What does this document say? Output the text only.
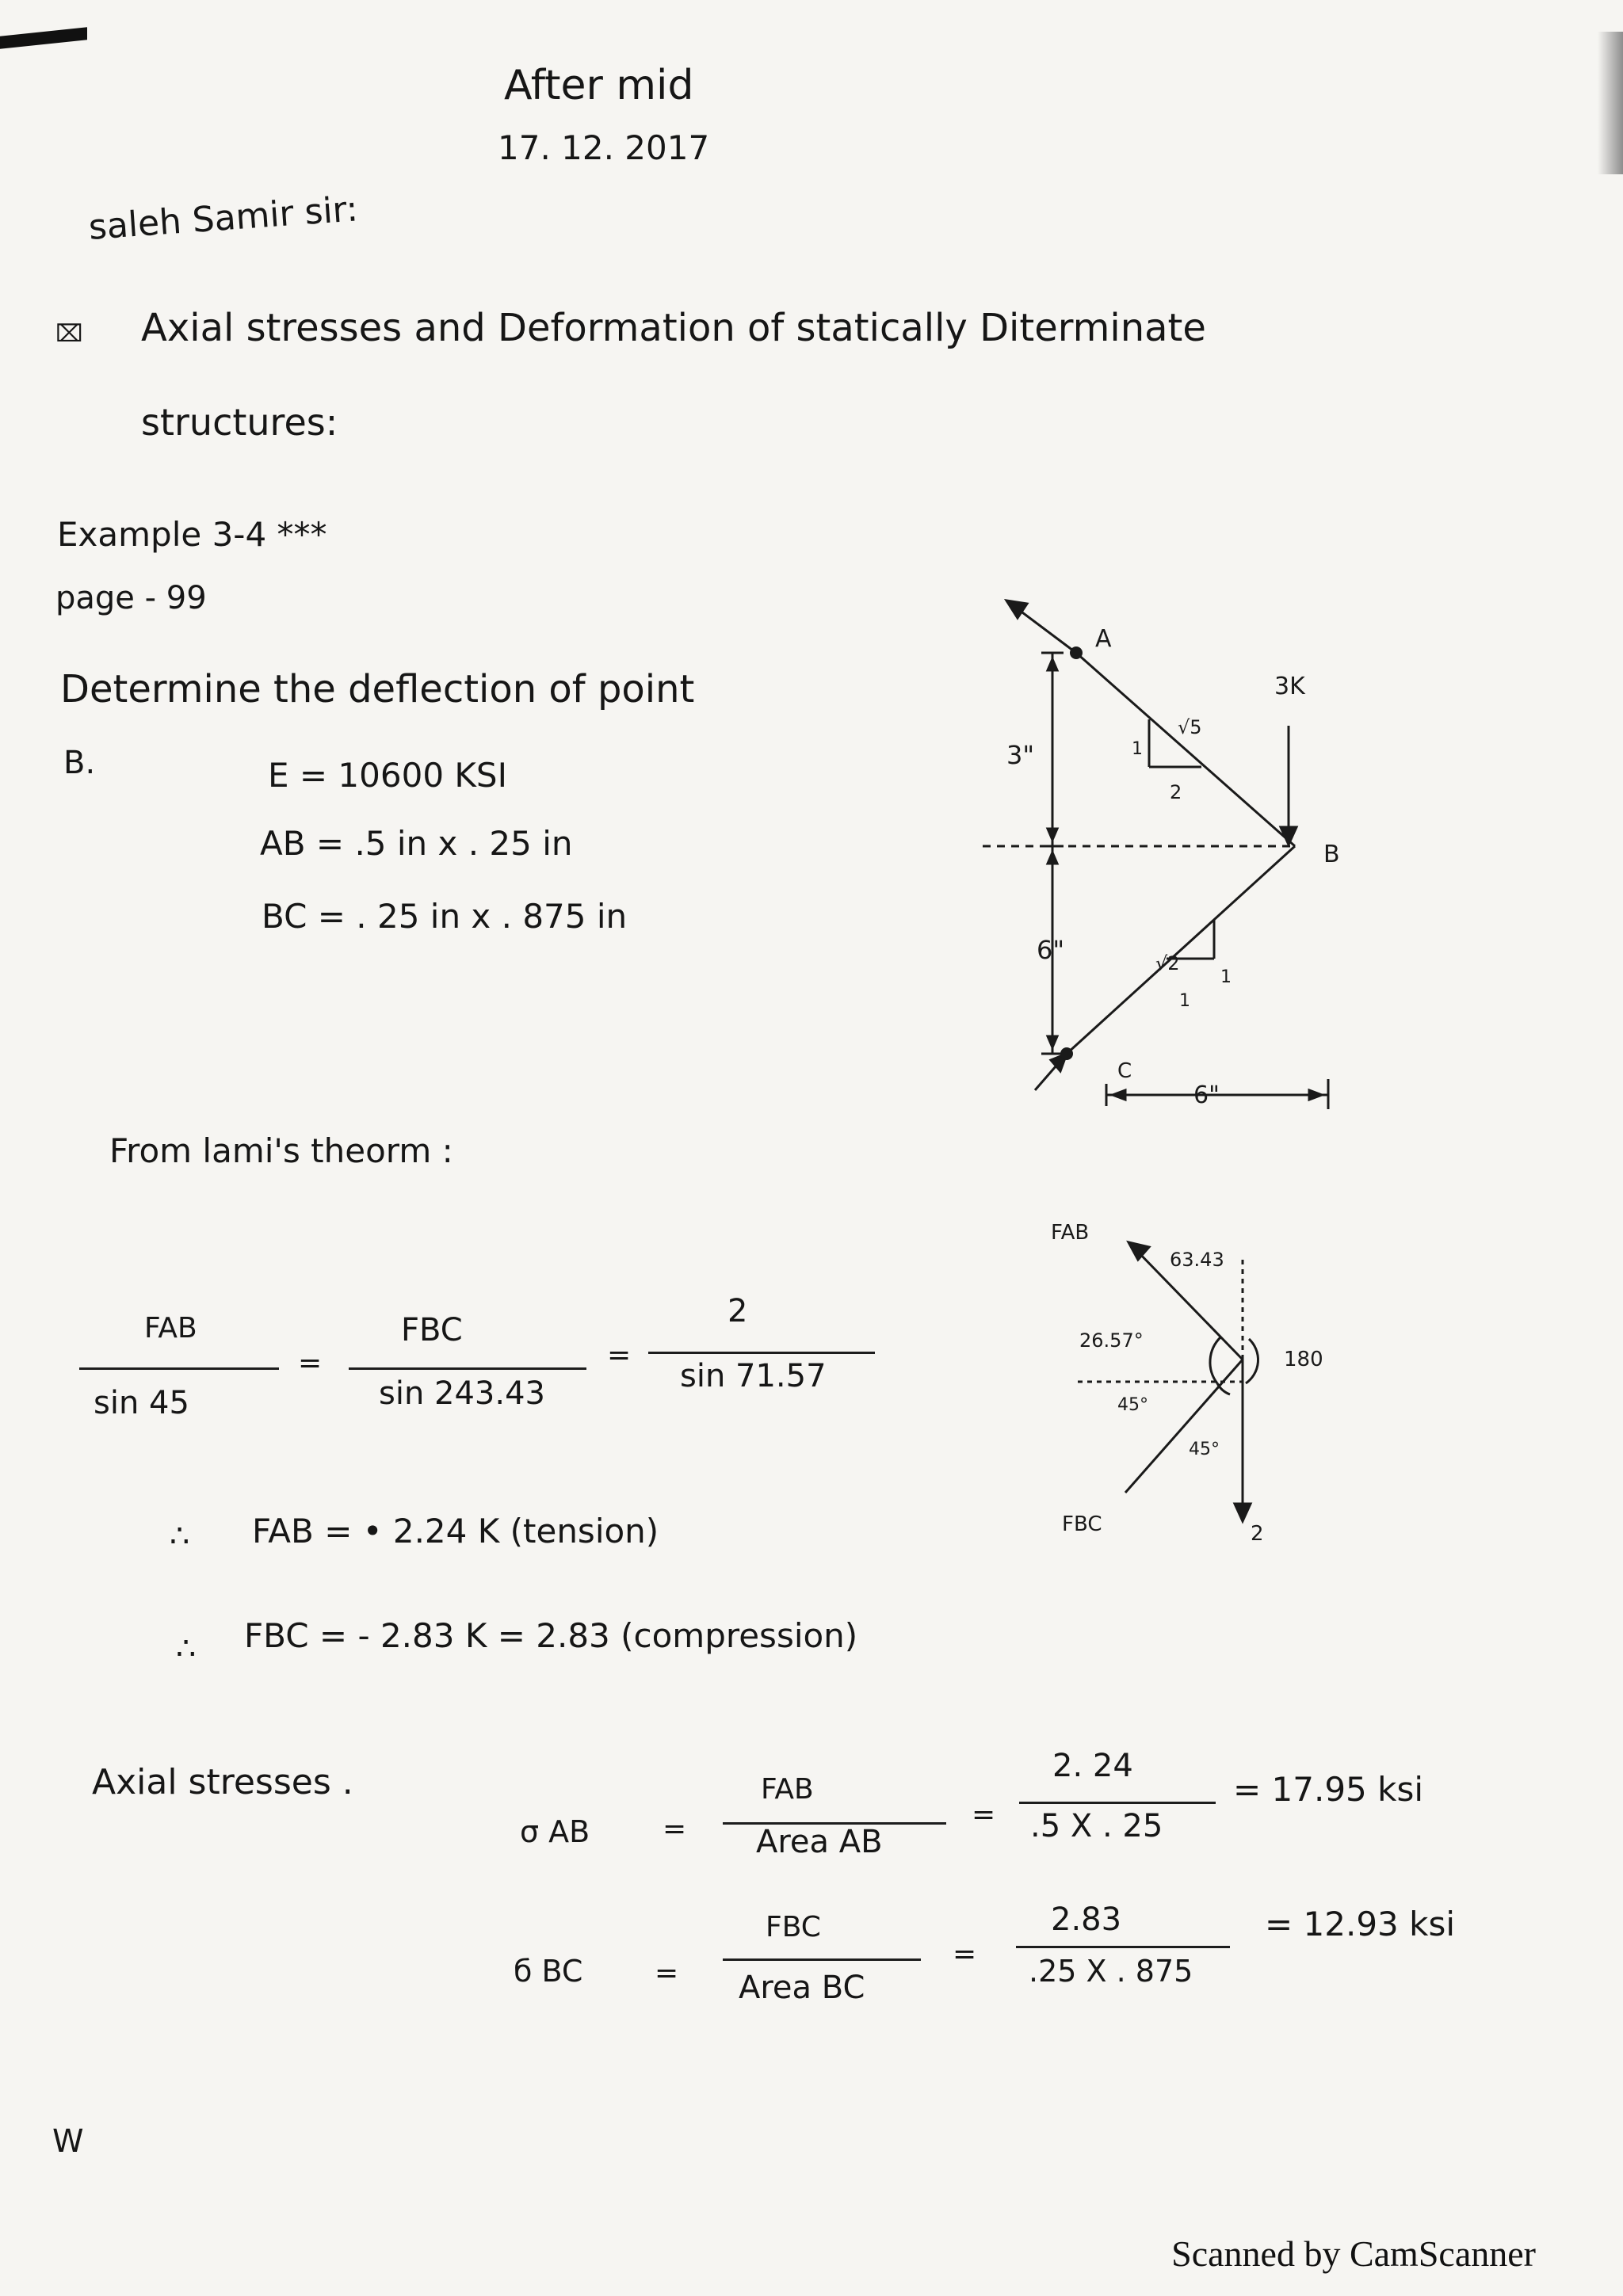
After mid
17. 12. 2017
saleh Samir sir:
⌧ Axial stresses and Deformation of statically Diterminate
structures:
Example 3-4 ***
page - 99
Determine the deflection of point
B.	E = 10600 KSI
AB = .5 in x . 25 in
BC = . 25 in x . 875 in
A
B
C
3K
3"
6"
6"
√5
2
1
√2
1
1
From lami's theorm :
FAB
sin 45
=
FBC
sin 243.43
=
2
sin 71.57
FAB
63.43
26.57°
180
45°
45°
FBC	2
∴ FAB = • 2.24 K (tension)
∴ FBC = - 2.83 K = 2.83 (compression)
Axial stresses .
σ AB	=
FAB
Area AB
=
2. 24
.5 X . 25
= 17.95 ksi
б BC	=
FBC
Area BC
=
2.83
.25 X . 875
= 12.93 ksi
W
Scanned by CamScanner
